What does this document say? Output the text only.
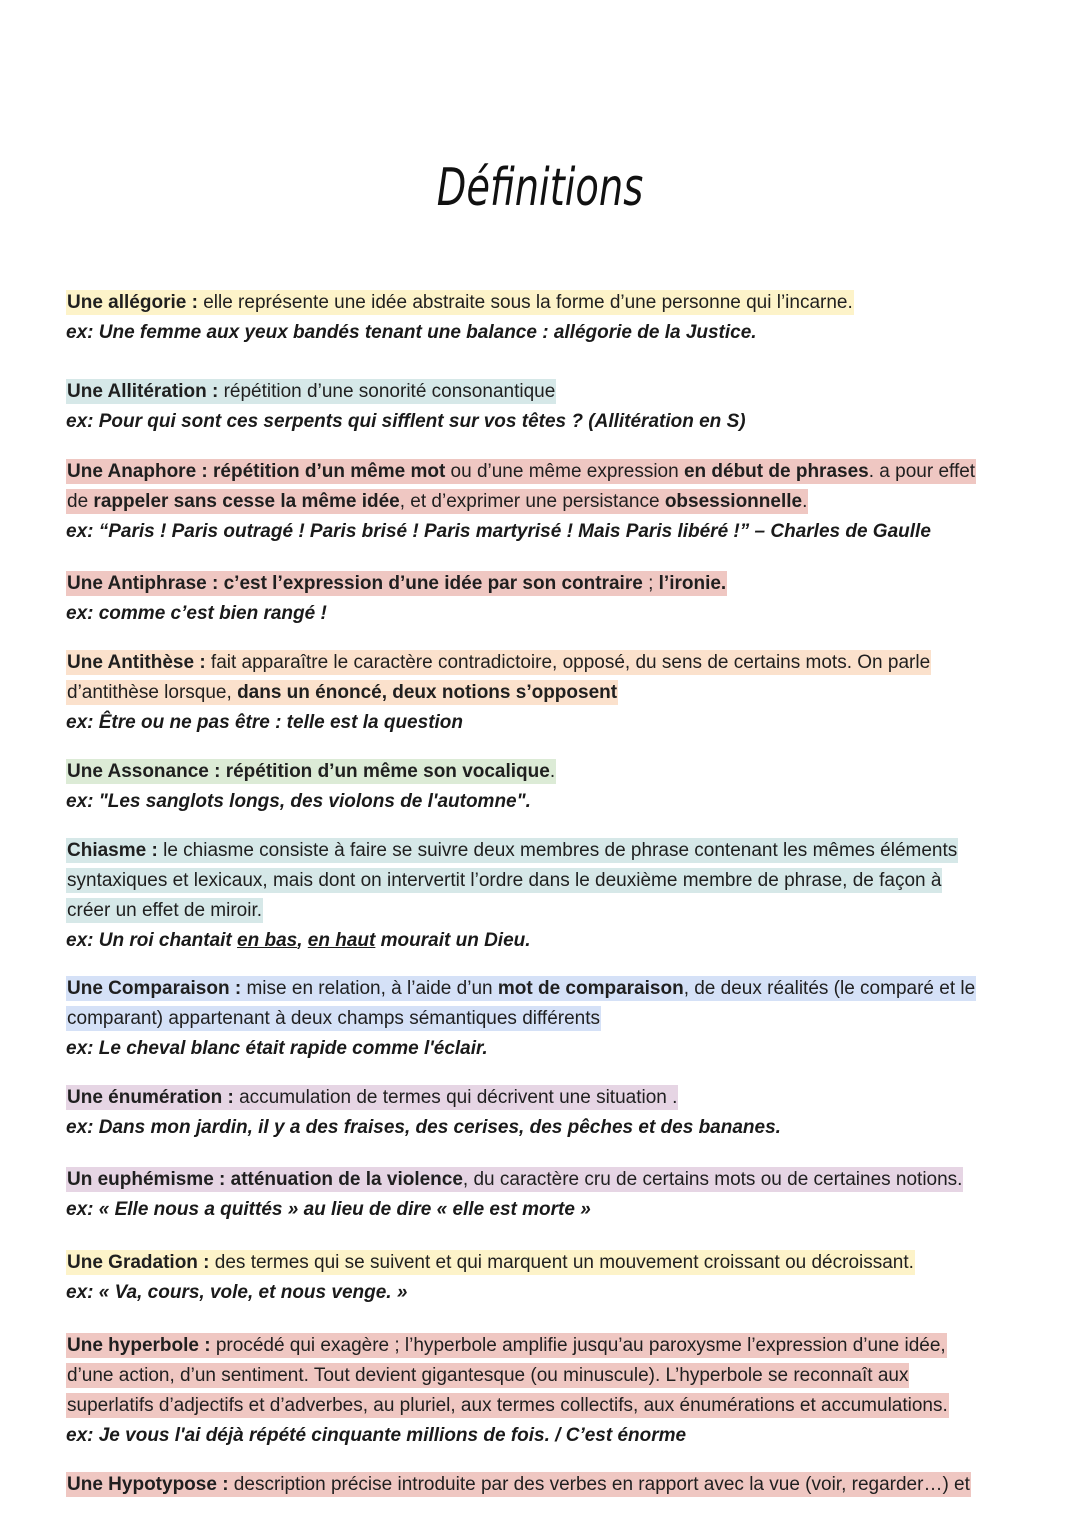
Définitions
Une allégorie : elle représente une idée abstraite sous la forme d’une personne qui l’incarne.
ex: Une femme aux yeux bandés tenant une balance : allégorie de la Justice.
Une Allitération : répétition d’une sonorité consonantique
ex: Pour qui sont ces serpents qui sifflent sur vos têtes ? (Allitération en S)
Une Anaphore : répétition d’un même mot ou d’une même expression en début de phrases. a pour effet
de rappeler sans cesse la même idée, et d’exprimer une persistance obsessionnelle.
ex: “Paris ! Paris outragé ! Paris brisé ! Paris martyrisé ! Mais Paris libéré !” – Charles de Gaulle
Une Antiphrase : c’est l’expression d’une idée par son contraire ; l’ironie.
ex: comme c’est bien rangé !
Une Antithèse : fait apparaître le caractère contradictoire, opposé, du sens de certains mots. On parle
d’antithèse lorsque, dans un énoncé, deux notions s’opposent
ex: Être ou ne pas être : telle est la question
Une Assonance : répétition d’un même son vocalique.
ex: "Les sanglots longs, des violons de l'automne".
Chiasme : le chiasme consiste à faire se suivre deux membres de phrase contenant les mêmes éléments
syntaxiques et lexicaux, mais dont on intervertit l’ordre dans le deuxième membre de phrase, de façon à
créer un effet de miroir.
ex: Un roi chantait en bas, en haut mourait un Dieu.
Une Comparaison : mise en relation, à l’aide d’un mot de comparaison, de deux réalités (le comparé et le
comparant) appartenant à deux champs sémantiques différents
ex: Le cheval blanc était rapide comme l'éclair.
Une énumération : accumulation de termes qui décrivent une situation .
ex: Dans mon jardin, il y a des fraises, des cerises, des pêches et des bananes.
Un euphémisme : atténuation de la violence, du caractère cru de certains mots ou de certaines notions.
ex: « Elle nous a quittés » au lieu de dire « elle est morte »
Une Gradation : des termes qui se suivent et qui marquent un mouvement croissant ou décroissant.
ex: « Va, cours, vole, et nous venge. »
Une hyperbole : procédé qui exagère ; l’hyperbole amplifie jusqu’au paroxysme l’expression d’une idée,
d’une action, d’un sentiment. Tout devient gigantesque (ou minuscule). L’hyperbole se reconnaît aux
superlatifs d’adjectifs et d’adverbes, au pluriel, aux termes collectifs, aux énumérations et accumulations.
ex: Je vous l'ai déjà répété cinquante millions de fois. / C’est énorme
Une Hypotypose : description précise introduite par des verbes en rapport avec la vue (voir, regarder…) et
